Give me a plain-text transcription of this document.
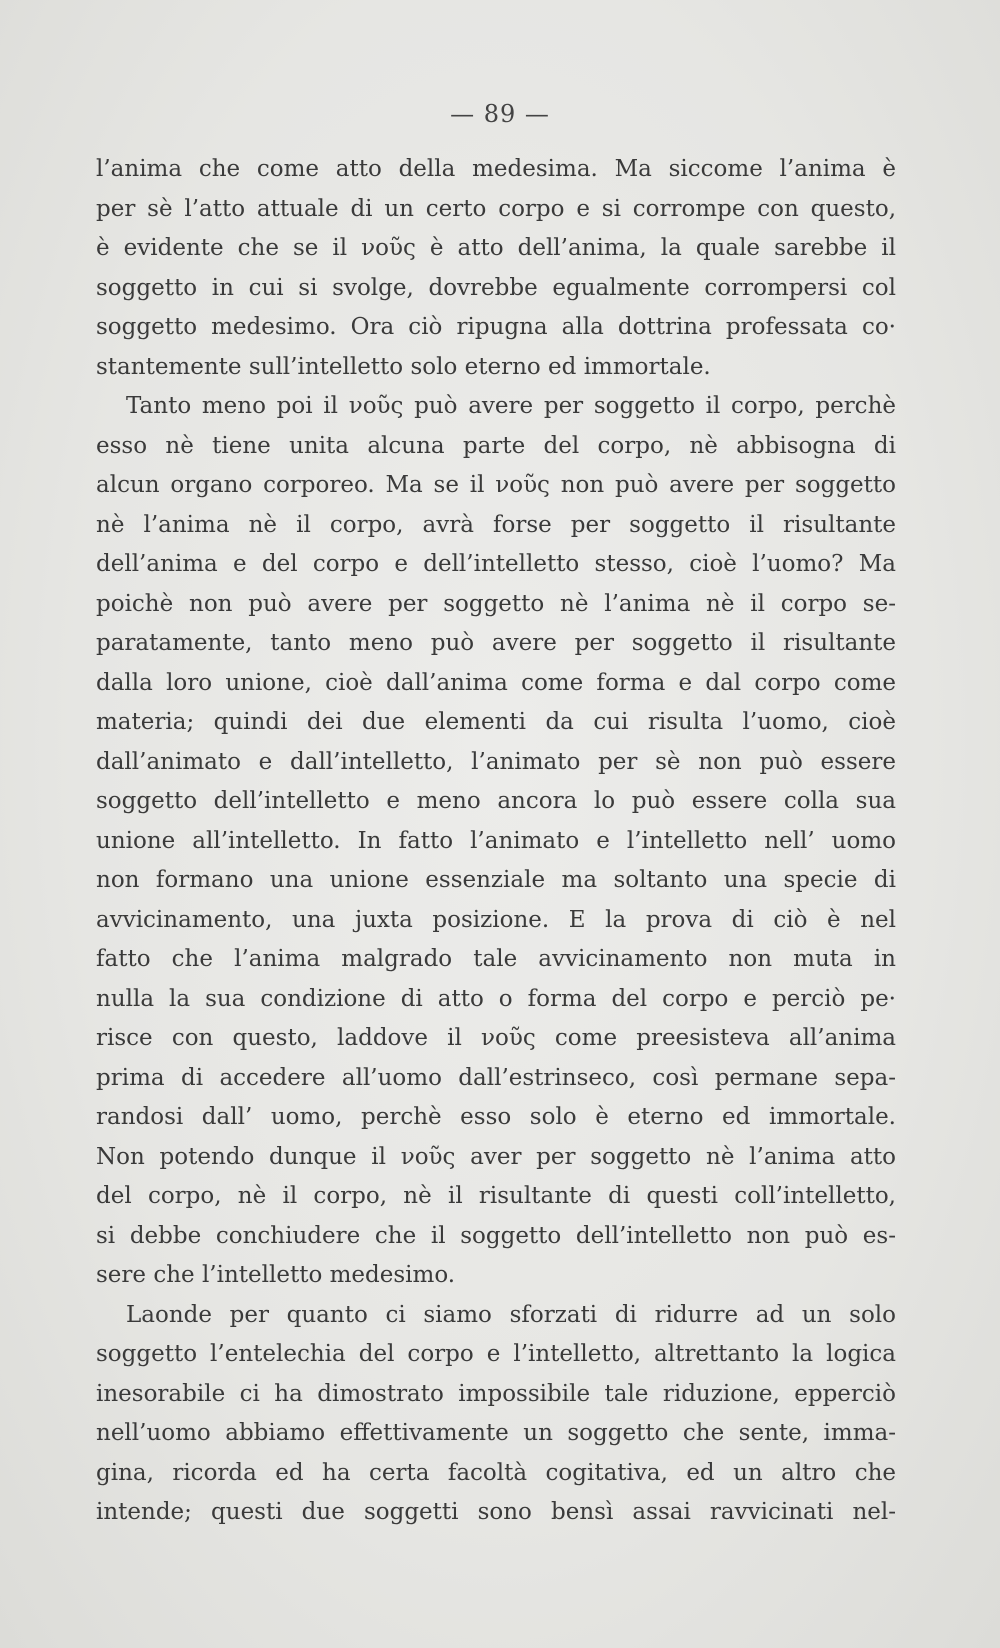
— 89 —
l’anima che come atto della medesima. Ma siccome l’anima è
per sè l’atto attuale di un certo corpo e si corrompe con questo,
è evidente che se il νοῦς è atto dell’anima, la quale sarebbe il
soggetto in cui si svolge, dovrebbe egualmente corrompersi col
soggetto medesimo. Ora ciò ripugna alla dottrina professata co·
stantemente sull’intelletto solo eterno ed immortale.
Tanto meno poi il νοῦς può avere per soggetto il corpo, perchè
esso nè tiene unita alcuna parte del corpo, nè abbisogna di
alcun organo corporeo. Ma se il νοῦς non può avere per soggetto
nè l’anima nè il corpo, avrà forse per soggetto il risultante
dell’anima e del corpo e dell’intelletto stesso, cioè l’uomo? Ma
poichè non può avere per soggetto nè l’anima nè il corpo se-
paratamente, tanto meno può avere per soggetto il risultante
dalla loro unione, cioè dall’anima come forma e dal corpo come
materia; quindi dei due elementi da cui risulta l’uomo, cioè
dall’animato e dall’intelletto, l’animato per sè non può essere
soggetto dell’intelletto e meno ancora lo può essere colla sua
unione all’intelletto. In fatto l’animato e l’intelletto nell’ uomo
non formano una unione essenziale ma soltanto una specie di
avvicinamento, una juxta posizione. E la prova di ciò è nel
fatto che l’anima malgrado tale avvicinamento non muta in
nulla la sua condizione di atto o forma del corpo e perciò pe·
risce con questo, laddove il νοῦς come preesisteva all’anima
prima di accedere all’uomo dall’estrinseco, così permane sepa-
randosi dall’ uomo, perchè esso solo è eterno ed immortale.
Non potendo dunque il νοῦς aver per soggetto nè l’anima atto
del corpo, nè il corpo, nè il risultante di questi coll’intelletto,
si debbe conchiudere che il soggetto dell’intelletto non può es-
sere che l’intelletto medesimo.
Laonde per quanto ci siamo sforzati di ridurre ad un solo
soggetto l’entelechia del corpo e l’intelletto, altrettanto la logica
inesorabile ci ha dimostrato impossibile tale riduzione, epperciò
nell’uomo abbiamo effettivamente un soggetto che sente, imma-
gina, ricorda ed ha certa facoltà cogitativa, ed un altro che
intende; questi due soggetti sono bensì assai ravvicinati nel-
